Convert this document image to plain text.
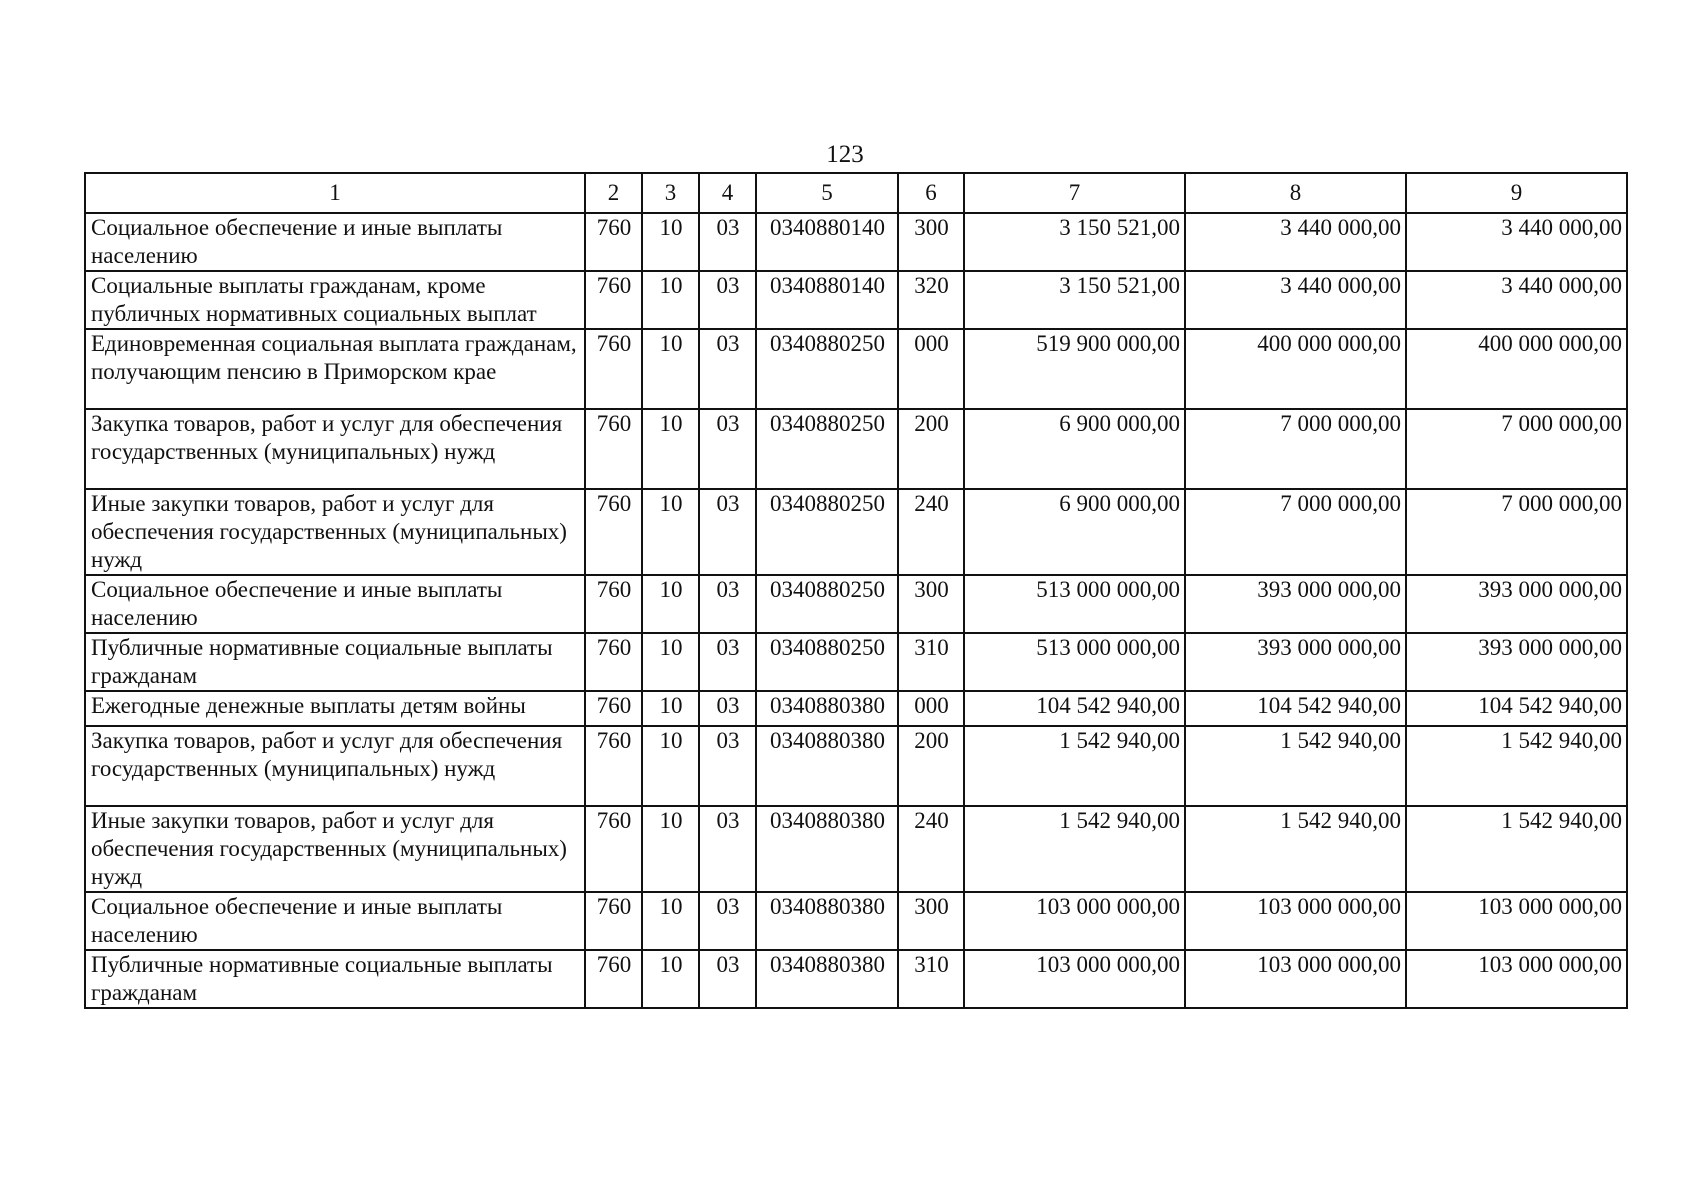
123
1	2	3	4	5	6	7	8	9
Социальное обеспечение и иные выплаты населению	760	10	03	0340880140	300	3 150 521,00	3 440 000,00	3 440 000,00
Социальные выплаты гражданам, кроме публичных нормативных социальных выплат	760	10	03	0340880140	320	3 150 521,00	3 440 000,00	3 440 000,00
Единовременная социальная выплата гражданам, получающим пенсию в Приморском крае	760	10	03	0340880250	000	519 900 000,00	400 000 000,00	400 000 000,00
Закупка товаров, работ и услуг для обеспечения государственных (муниципальных) нужд	760	10	03	0340880250	200	6 900 000,00	7 000 000,00	7 000 000,00
Иные закупки товаров, работ и услуг для обеспечения государственных (муниципальных) нужд	760	10	03	0340880250	240	6 900 000,00	7 000 000,00	7 000 000,00
Социальное обеспечение и иные выплаты населению	760	10	03	0340880250	300	513 000 000,00	393 000 000,00	393 000 000,00
Публичные нормативные социальные выплаты гражданам	760	10	03	0340880250	310	513 000 000,00	393 000 000,00	393 000 000,00
Ежегодные денежные выплаты детям войны	760	10	03	0340880380	000	104 542 940,00	104 542 940,00	104 542 940,00
Закупка товаров, работ и услуг для обеспечения государственных (муниципальных) нужд	760	10	03	0340880380	200	1 542 940,00	1 542 940,00	1 542 940,00
Иные закупки товаров, работ и услуг для обеспечения государственных (муниципальных) нужд	760	10	03	0340880380	240	1 542 940,00	1 542 940,00	1 542 940,00
Социальное обеспечение и иные выплаты населению	760	10	03	0340880380	300	103 000 000,00	103 000 000,00	103 000 000,00
Публичные нормативные социальные выплаты гражданам	760	10	03	0340880380	310	103 000 000,00	103 000 000,00	103 000 000,00
